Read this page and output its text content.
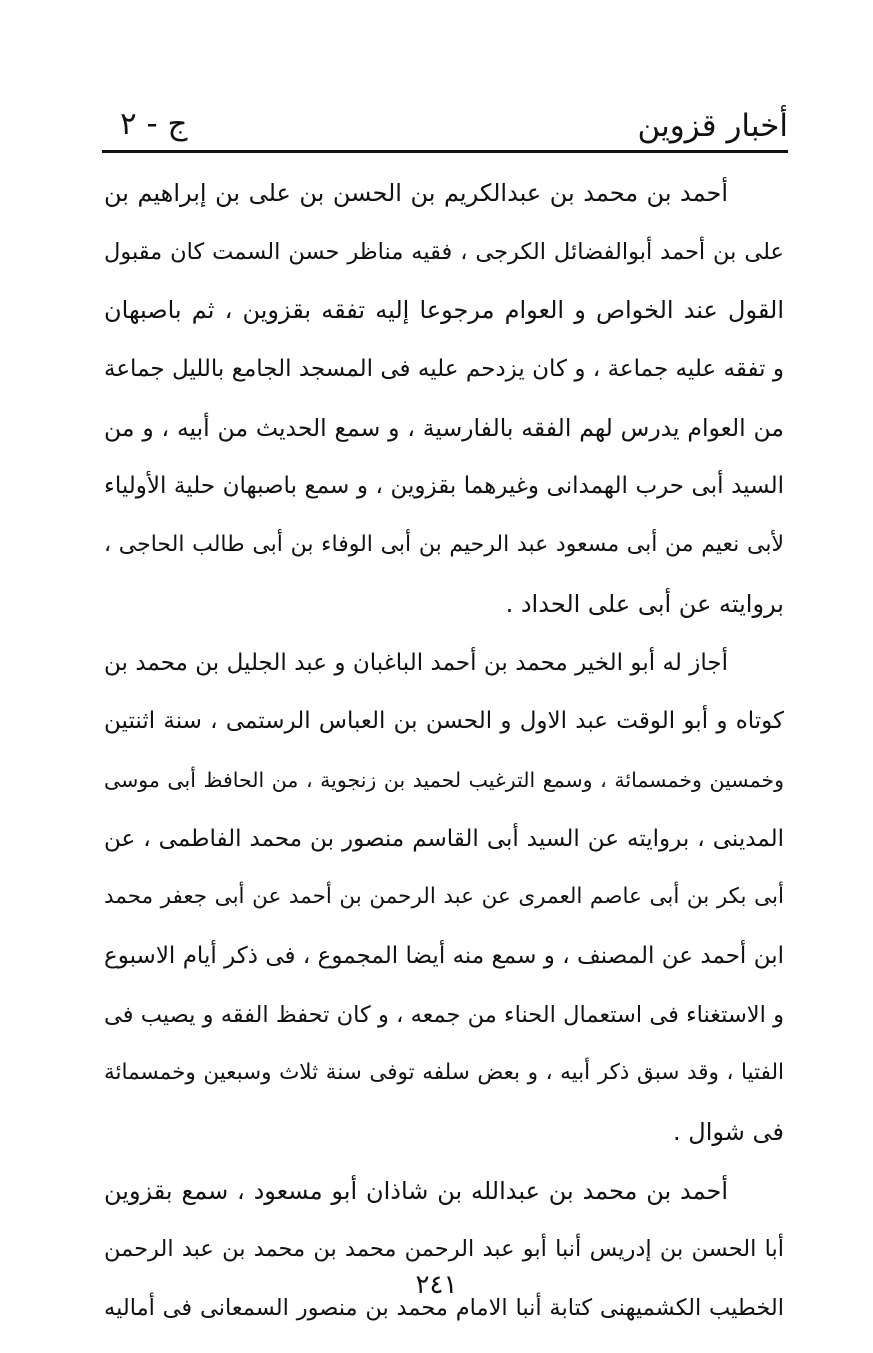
أخبار قزوين
ج - ٢
أحمد بن محمد بن عبدالكريم بن الحسن بن على بن إبراهيم بن
على بن أحمد أبوالفضائل الكرجى ، فقيه مناظر حسن السمت كان مقبول
القول عند الخواص و العوام مرجوعا إليه تفقه بقزوين ، ثم باصبهان
و تفقه عليه جماعة ، و كان يزدحم عليه فى المسجد الجامع بالليل جماعة
من العوام يدرس لهم الفقه بالفارسية ، و سمع الحديث من أبيه ، و من
السيد أبى حرب الهمدانى وغيرهما بقزوين ، و سمع باصبهان حلية الأولياء
لأبى نعيم من أبى مسعود عبد الرحيم بن أبى الوفاء بن أبى طالب الحاجى ،
بروايته عن أبى على الحداد .
أجاز له أبو الخير محمد بن أحمد الباغبان و عبد الجليل بن محمد بن
كوتاه و أبو الوقت عبد الاول و الحسن بن العباس الرستمى ، سنة اثنتين
وخمسين وخمسمائة ، وسمع الترغيب لحميد بن زنجوية ، من الحافظ أبى موسى
المدينى ، بروايته عن السيد أبى القاسم منصور بن محمد الفاطمى ، عن
أبى بكر بن أبى عاصم العمرى عن عبد الرحمن بن أحمد عن أبى جعفر محمد
ابن أحمد عن المصنف ، و سمع منه أيضا المجموع ، فى ذكر أيام الاسبوع
و الاستغناء فى استعمال الحناء من جمعه ، و كان تحفظ الفقه و يصيب فى
الفتيا ، وقد سبق ذكر أبيه ، و بعض سلفه توفى سنة ثلاث وسبعين وخمسمائة
فى شوال .
أحمد بن محمد بن عبدالله بن شاذان أبو مسعود ، سمع بقزوين
أبا الحسن بن إدريس أنبا أبو عبد الرحمن محمد بن محمد بن عبد الرحمن
الخطيب الكشميهنى كتابة أنبا الامام محمد بن منصور السمعانى فى أماليه
٢٤١
